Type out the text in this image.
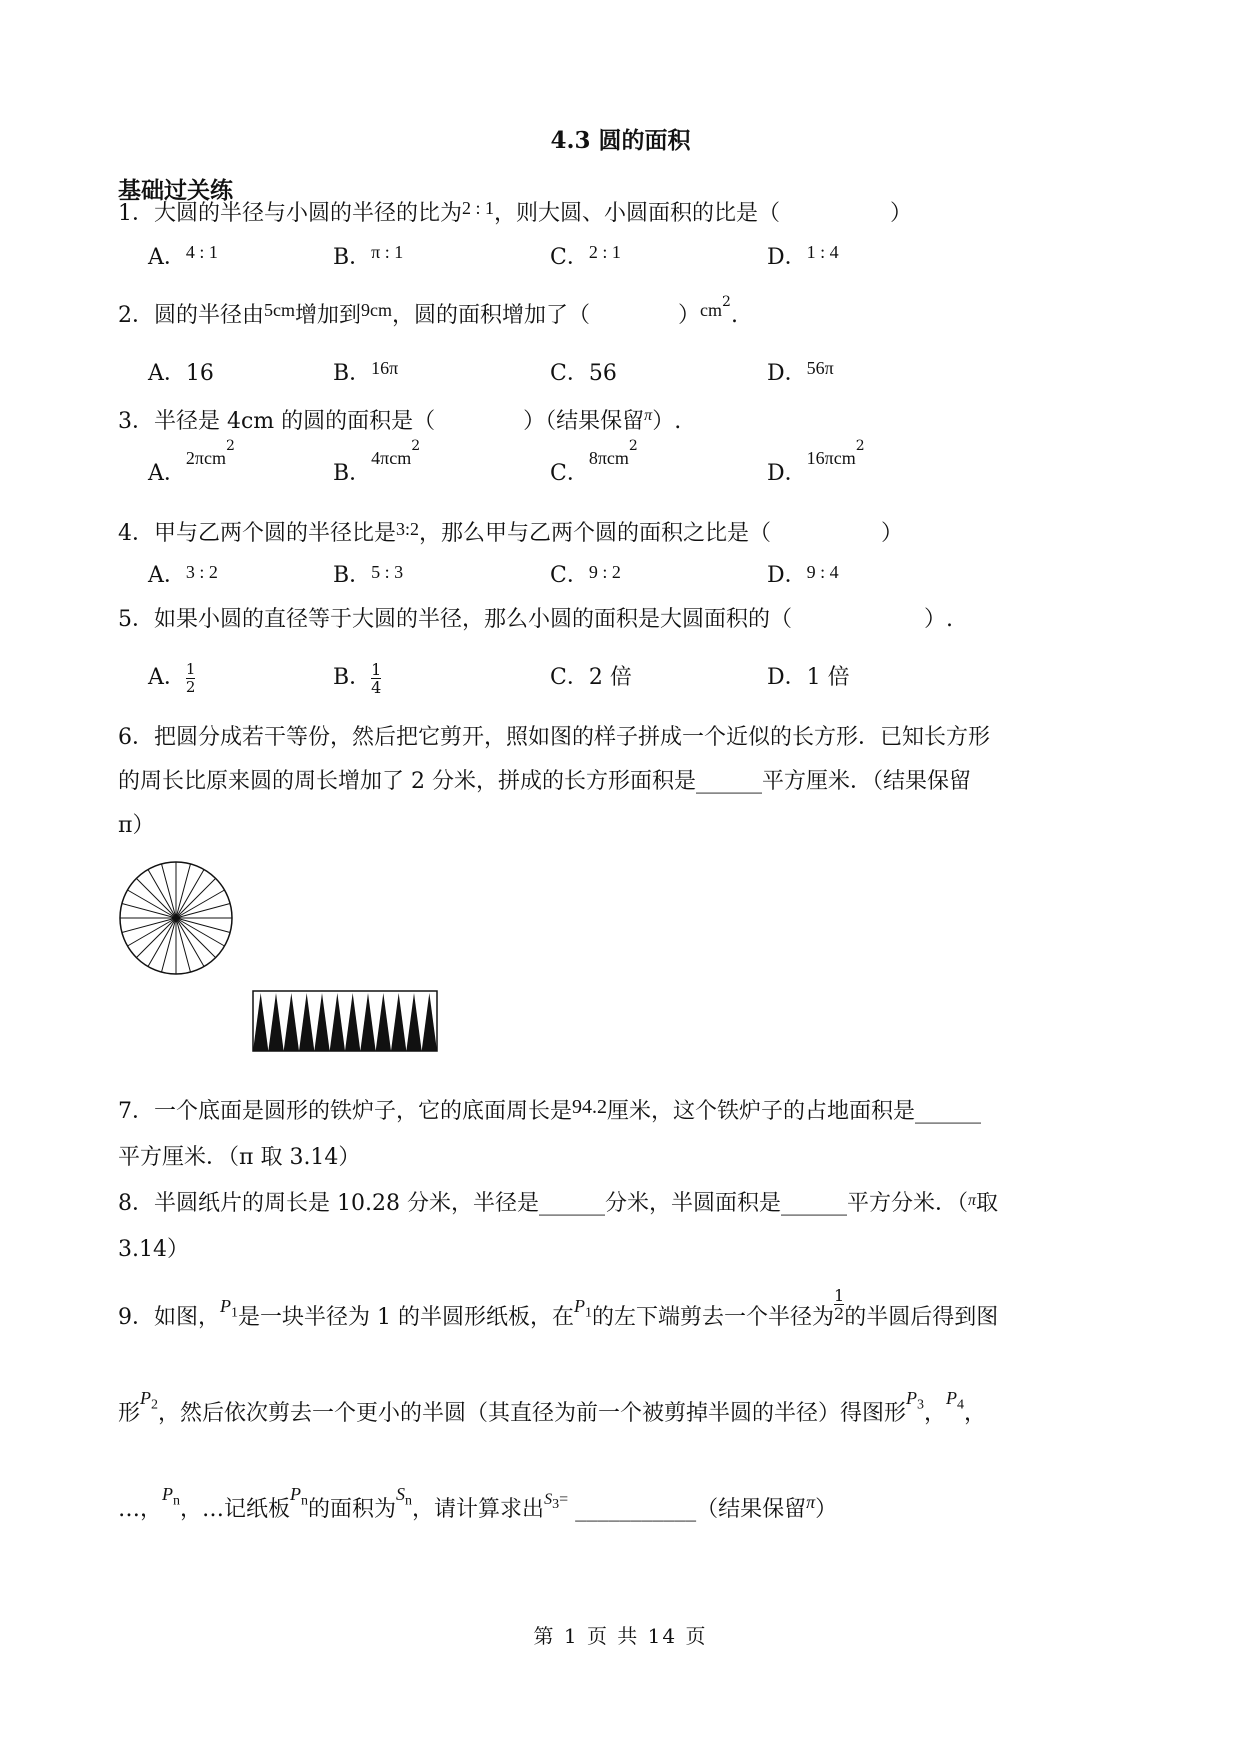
4.3 圆的面积
基础过关练
1．大圆的半径与小圆的半径的比为$^{2 : 1}$，则大圆、小圆面积的比是（　　　　　）
A．$^{4 : 1}$	B．$^{\pi : 1}$	C．$^{2 : 1}$	D．$^{1 : 4}$
2．圆的半径由$^{5cm}$增加到$^{9cm}$，圆的面积增加了（　　　　）$^{cm2}$.
A．16	B．$^{16\pi}$	C．56	D．$^{56\pi}$
3．半径是 4cm 的圆的面积是（　　　　）（结果保留$^\pi$）.
A．$^{2\pi cm2}$
B．$^{4\pi cm2}$
C．$^{8\pi cm2}$
D．$^{16\pi cm2}$
4．甲与乙两个圆的半径比是$^{3:2}$，那么甲与乙两个圆的面积之比是（　　　　　）
A．3 : 2	B．5 : 3	C．9 : 2	D．9 : 4
5．如果小圆的直径等于大圆的半径，那么小圆的面积是大圆面积的（　　　　　　）.
A． $\frac{1}{2}$	B． $\frac{1}{4}$	C．2 倍	D．1 倍
6．把圆分成若干等份，然后把它剪开，照如图的样子拼成一个近似的长方形．已知长方形
的周长比原来圆的周长增加了 2 分米，拼成的长方形面积是______平方厘米．（结果保留
π）
7．一个底面是圆形的铁炉子，它的底面周长是94.2厘米，这个铁炉子的占地面积是______
平方厘米．（π 取 3.14）
8．半圆纸片的周长是 10.28 分米，半径是______分米，半圆面积是______平方分米．（$^\pi$取
3.14）
9．如图，$^{P_1}$是一块半径为 1 的半圆形纸板，在$^{P_1}$的左下端剪去一个半径为 $\frac{1}{2}$ 的半圆后得到图
形$^{P_2}$，然后依次剪去一个更小的半圆（其直径为前一个被剪掉半圆的半径）得图形$^{P_3}$，$^{P_4}$，
…，$^{P_n}$，…记纸板$^{P_n}$的面积为$^{S_n}$，请计算求出$^{S_3=}$ ___________（结果保留$^\pi$）
第 1 页 共 14 页
